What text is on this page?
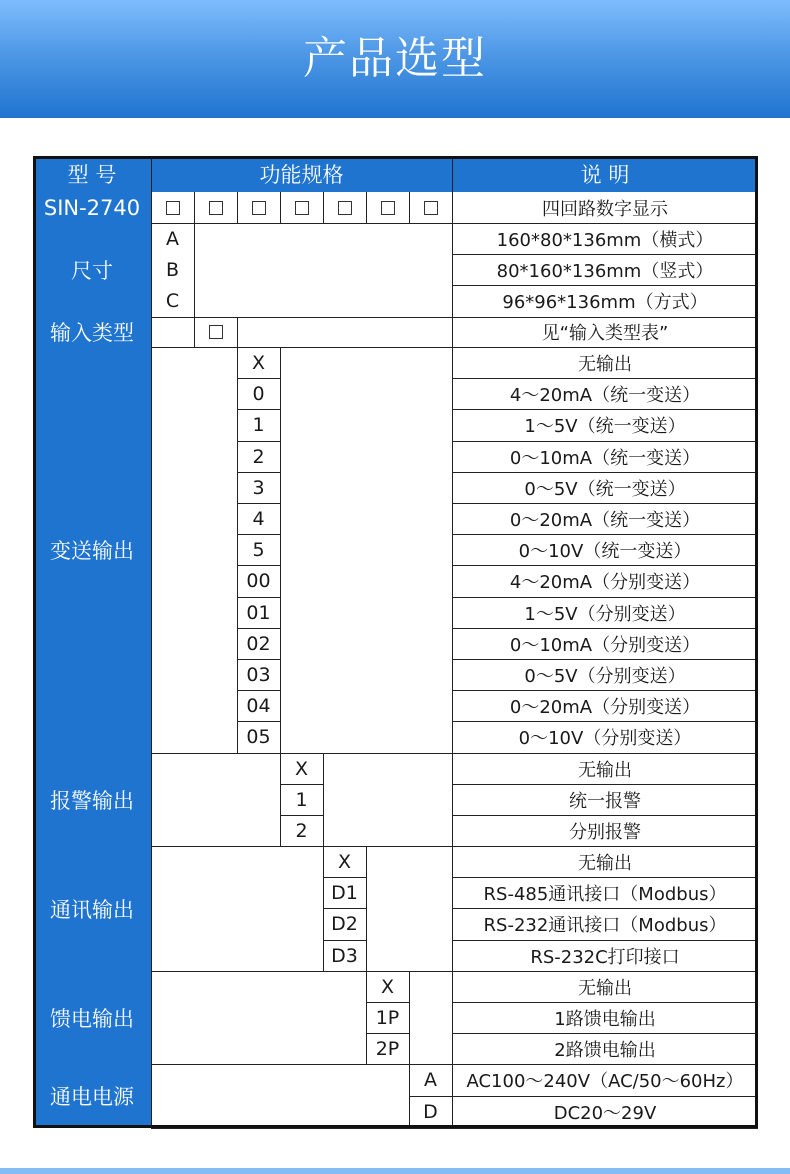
产品选型
型 号	功能规格	说 明
SIN-2740	四回路数字显示
尺寸
A	160*80*136mm（横式）
B	80*160*136mm（竖式）
C	96*96*136mm（方式）
输入类型	见“输入类型表”
变送输出
X	无输出
0	4～20mA（统一变送）
1	1～5V（统一变送）
2	0～10mA（统一变送）
3	0～5V（统一变送）
4	0～20mA（统一变送）
5	0～10V（统一变送）
00	4～20mA（分别变送）
01	1～5V（分别变送）
02	0～10mA（分别变送）
03	0～5V（分别变送）
04	0～20mA（分别变送）
05	0～10V（分别变送）
报警输出
X	无输出
1	统一报警
2	分别报警
通讯输出
X	无输出
D1	RS-485通讯接口（Modbus）
D2	RS-232通讯接口（Modbus）
D3	RS-232C打印接口
馈电输出
X	无输出
1P	1路馈电输出
2P	2路馈电输出
通电电源
A AC100～240V（AC/50～60Hz）
D	DC20～29V
